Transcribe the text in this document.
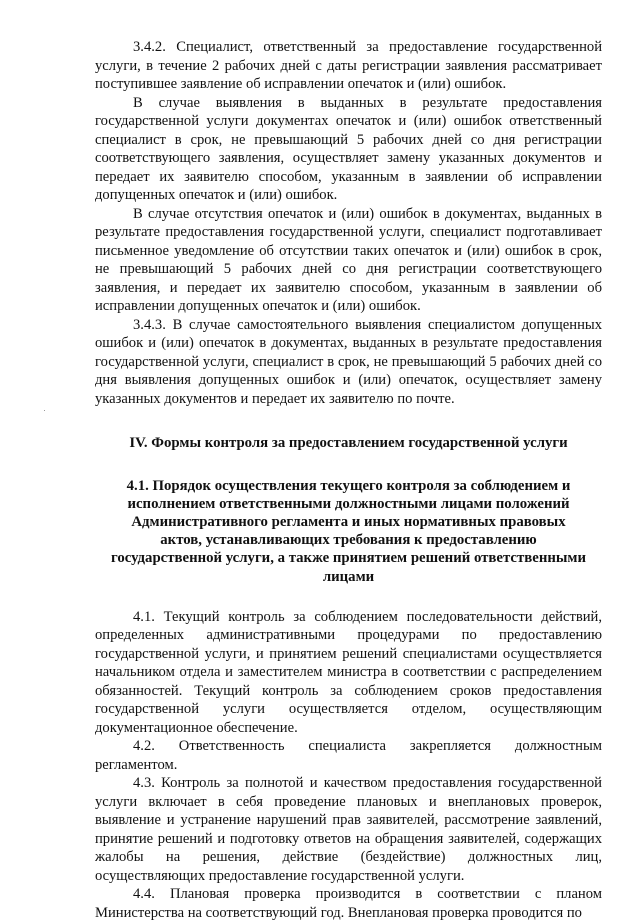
3.4.2. Специалист, ответственный за предоставление государственной услуги, в течение 2 рабочих дней с даты регистрации заявления рассматривает поступившее заявление об исправлении опечаток и (или) ошибок.

В случае выявления в выданных в результате предоставления государственной услуги документах опечаток и (или) ошибок ответственный специалист в срок, не превышающий 5 рабочих дней со дня регистрации соответствующего заявления, осуществляет замену указанных документов и передает их заявителю способом, указанным в заявлении об исправлении допущенных опечаток и (или) ошибок.

В случае отсутствия опечаток и (или) ошибок в документах, выданных в результате предоставления государственной услуги, специалист подготавливает письменное уведомление об отсутствии таких опечаток и (или) ошибок в срок, не превышающий 5 рабочих дней со дня регистрации соответствующего заявления, и передает их заявителю способом, указанным в заявлении об исправлении допущенных опечаток и (или) ошибок.

3.4.3. В случае самостоятельного выявления специалистом допущенных ошибок и (или) опечаток в документах, выданных в результате предоставления государственной услуги, специалист в срок, не превышающий 5 рабочих дней со дня выявления допущенных ошибок и (или) опечаток, осуществляет замену указанных документов и передает их заявителю по почте.

IV. Формы контроля за предоставлением государственной услуги
4.1. Порядок осуществления текущего контроля за соблюдением и исполнением ответственными должностными лицами положений Административного регламента и иных нормативных правовых актов, устанавливающих требования к предоставлению государственной услуги, а также принятием решений ответственными лицами

4.1. Текущий контроль за соблюдением последовательности действий, определенных административными процедурами по предоставлению государственной услуги, и принятием решений специалистами осуществляется начальником отдела и заместителем министра в соответствии с распределением обязанностей. Текущий контроль за соблюдением сроков предоставления государственной услуги осуществляется отделом, осуществляющим документационное обеспечение.

4.2. Ответственность специалиста закрепляется должностным регламентом.

4.3. Контроль за полнотой и качеством предоставления государственной услуги включает в себя проведение плановых и внеплановых проверок, выявление и устранение нарушений прав заявителей, рассмотрение заявлений, принятие решений и подготовку ответов на обращения заявителей, содержащих жалобы на решения, действие (бездействие) должностных лиц, осуществляющих предоставление государственной услуги.

4.4. Плановая проверка производится в соответствии с планом Министерства на соответствующий год. Внеплановая проверка проводится по
